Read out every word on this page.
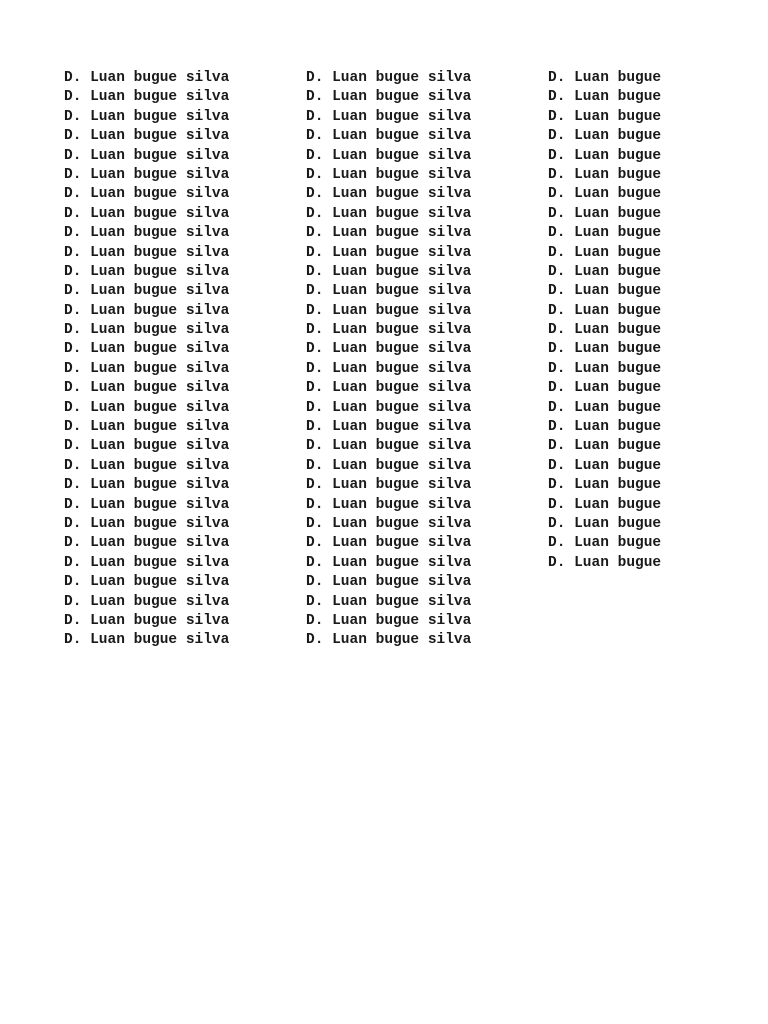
D. Luan bugue silva
D. Luan bugue silva
D. Luan bugue silva
D. Luan bugue silva
D. Luan bugue silva
D. Luan bugue silva
D. Luan bugue silva
D. Luan bugue silva
D. Luan bugue silva
D. Luan bugue silva
D. Luan bugue silva
D. Luan bugue silva
D. Luan bugue silva
D. Luan bugue silva
D. Luan bugue silva
D. Luan bugue silva
D. Luan bugue silva
D. Luan bugue silva
D. Luan bugue silva
D. Luan bugue silva
D. Luan bugue silva
D. Luan bugue silva
D. Luan bugue silva
D. Luan bugue silva
D. Luan bugue silva
D. Luan bugue silva
D. Luan bugue silva
D. Luan bugue silva
D. Luan bugue silva
D. Luan bugue silva
D. Luan bugue silva
D. Luan bugue silva
D. Luan bugue silva
D. Luan bugue silva
D. Luan bugue silva
D. Luan bugue silva
D. Luan bugue silva
D. Luan bugue silva
D. Luan bugue silva
D. Luan bugue silva
D. Luan bugue silva
D. Luan bugue silva
D. Luan bugue silva
D. Luan bugue silva
D. Luan bugue silva
D. Luan bugue silva
D. Luan bugue silva
D. Luan bugue silva
D. Luan bugue silva
D. Luan bugue silva
D. Luan bugue silva
D. Luan bugue silva
D. Luan bugue silva
D. Luan bugue silva
D. Luan bugue silva
D. Luan bugue silva
D. Luan bugue silva
D. Luan bugue silva
D. Luan bugue silva
D. Luan bugue silva
D. Luan bugue
D. Luan bugue
D. Luan bugue
D. Luan bugue
D. Luan bugue
D. Luan bugue
D. Luan bugue
D. Luan bugue
D. Luan bugue
D. Luan bugue
D. Luan bugue
D. Luan bugue
D. Luan bugue
D. Luan bugue
D. Luan bugue
D. Luan bugue
D. Luan bugue
D. Luan bugue
D. Luan bugue
D. Luan bugue
D. Luan bugue
D. Luan bugue
D. Luan bugue
D. Luan bugue
D. Luan bugue
D. Luan bugue
